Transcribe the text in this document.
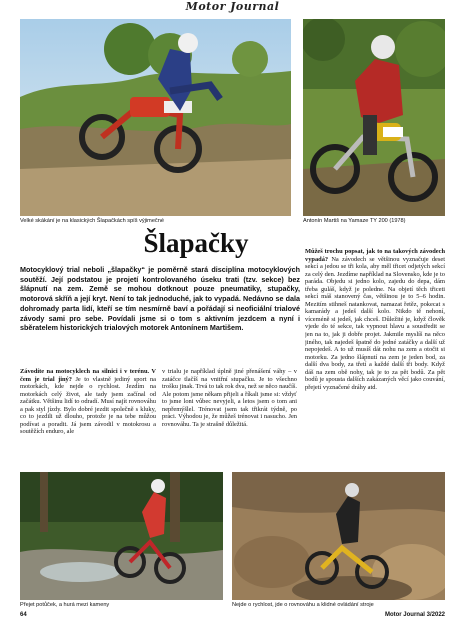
Motor Journal
Velké skákání je na klasických Šlapačkách spíš výjimečné	Antonín Martiš na Yamaze TY 200 (1978)
Šlapačky
Motocyklový trial neboli „šlapačky“ je poměrně stará disciplína motocyklových soutěží. Její podstatou je projetí kontrolovaného úseku trati (tzv. sekce) bez šlápnutí na zem. Země se mohou dotknout pouze pneumatiky, stupačky, motorová skříň a její kryt. Není to tak jednoduché, jak to vypadá. Nedávno se dala dohromady parta lidí, kteří se tím nesmírně baví a pořádají si neoficiální trialové závody sami pro sebe. Povídali jsme si o tom s aktivním jezdcem a nyní i sběratelem historických trialových motorek Antonínem Martišem.
Závodíte na motocyklech na silnici i v terénu. V čem je trial jiný? Je to vlastně jediný sport na motorkách, kde nejde o rychlost. Jezdím na motorkách celý život, ale tady jsem začínal od začátku. Většinu lidí to odradí. Musí najít rovnováhu a pak styl jízdy. Bylo dobré jezdit společně s kluky, co to jezdili už dlouho, protože je na tebe můžou podívat a poradit. Já jsem závodil v motokrosu a soutěžích enduro, ale
v trialu je například úplně jiné přenášení váhy – v zatáčce tlačíš na vnitřní stupačku. Je to všechno trošku jinak. Trvá to tak rok dva, než se něco naučíš. Ale potom jsme někam přijeli a říkali jsme si: vždyť to jsme loni vůbec nevyjeli, a letos jsem o tom ani nepřemýšlel. Trénovat jsem tak třikrát týdně, po práci. Výhodou je, že můžeš trénovat i nasucho. Jen rovnováhu. Ta je strašně důležitá.
Můžeš trochu popsat, jak to na takových závodech vypadá? Na závodech se většinou vyznačuje deset sekcí a jedou se tři kola, aby měl třicet odjetých sekcí za celý den. Jezdíme například na Slovensko, kde je to paráda. Objedu si jedno kolo, zajedu do depa, dám třeba guláš, když je poledne. Na objetí těch třiceti sekcí máš stanovený čas, většinou je to 5–6 hodin. Mezitím stihneš natankovat, namazat řetěz, pokecat s kamarády a jedeš další kolo. Nikdo tě nehoní, víceméně si jedeš, jak chceš. Důležité je, když člověk vjede do té sekce, tak vypnout hlavu a soustředit se jen na to, jak ji dobře projet. Jakmile myslíš na něco jiného, tak najedeš špatně do jedné zatáčky a další už nepojedeš. A to už musíš dát nohu na zem a otočit si motorku. Za jedno šlápnutí na zem je jeden bod, za další dva body, za třetí a každé další tři body. Když dáš na zem obě nohy, tak je to za pět bodů. Za pět bodů je spousta dalších zakázaných věcí jako couvání, přejetí vyznačené dráhy atd.
Přejet potůček, a hurá mezi kameny	Nejde o rychlost, jde o rovnováhu a klidné ovládání stroje
64	Motor Journal 3/2022
